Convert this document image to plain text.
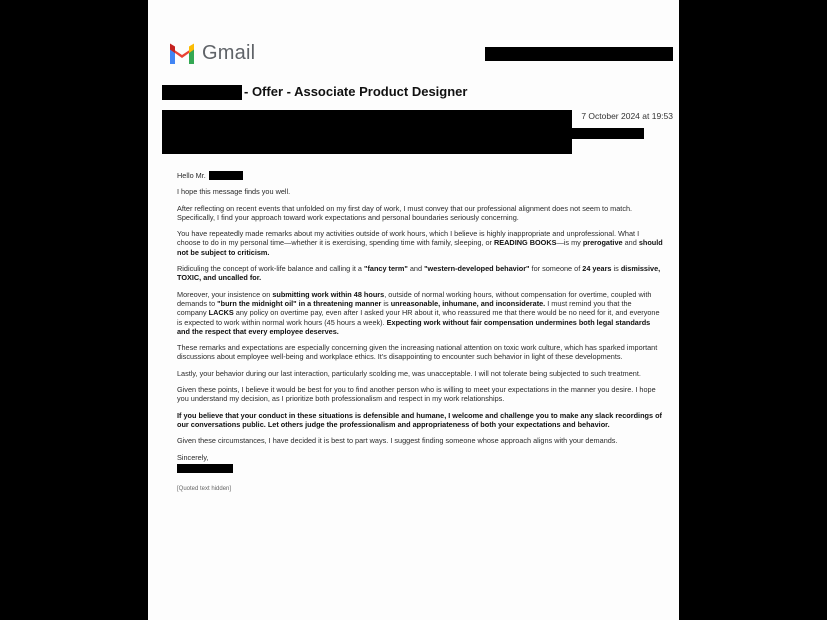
Gmail
- Offer - Associate Product Designer
7 October 2024 at 19:53

Hello Mr.

I hope this message finds you well.

After reflecting on recent events that unfolded on my first day of work, I must convey that our professional alignment does not seem to match. Specifically, I find your approach toward work expectations and personal boundaries seriously concerning.

You have repeatedly made remarks about my activities outside of work hours, which I believe is highly inappropriate and unprofessional. What I choose to do in my personal time—whether it is exercising, spending time with family, sleeping, or READING BOOKS—is my prerogative and should not be subject to criticism.

Ridiculing the concept of work-life balance and calling it a "fancy term" and "western-developed behavior" for someone of 24 years is dismissive, TOXIC, and uncalled for.

Moreover, your insistence on submitting work within 48 hours, outside of normal working hours, without compensation for overtime, coupled with demands to "burn the midnight oil" in a threatening manner is unreasonable, inhumane, and inconsiderate. I must remind you that the company LACKS any policy on overtime pay, even after I asked your HR about it, who reassured me that there would be no need for it, and everyone is expected to work within normal work hours (45 hours a week). Expecting work without fair compensation undermines both legal standards and the respect that every employee deserves.

These remarks and expectations are especially concerning given the increasing national attention on toxic work culture, which has sparked important discussions about employee well-being and workplace ethics. It's disappointing to encounter such behavior in light of these developments.

Lastly, your behavior during our last interaction, particularly scolding me, was unacceptable. I will not tolerate being subjected to such treatment.

Given these points, I believe it would be best for you to find another person who is willing to meet your expectations in the manner you desire. I hope you understand my decision, as I prioritize both professionalism and respect in my work relationships.

If you believe that your conduct in these situations is defensible and humane, I welcome and challenge you to make any slack recordings of our conversations public. Let others judge the professionalism and appropriateness of both your expectations and behavior.

Given these circumstances, I have decided it is best to part ways. I suggest finding someone whose approach aligns with your demands.

Sincerely,
[Quoted text hidden]
